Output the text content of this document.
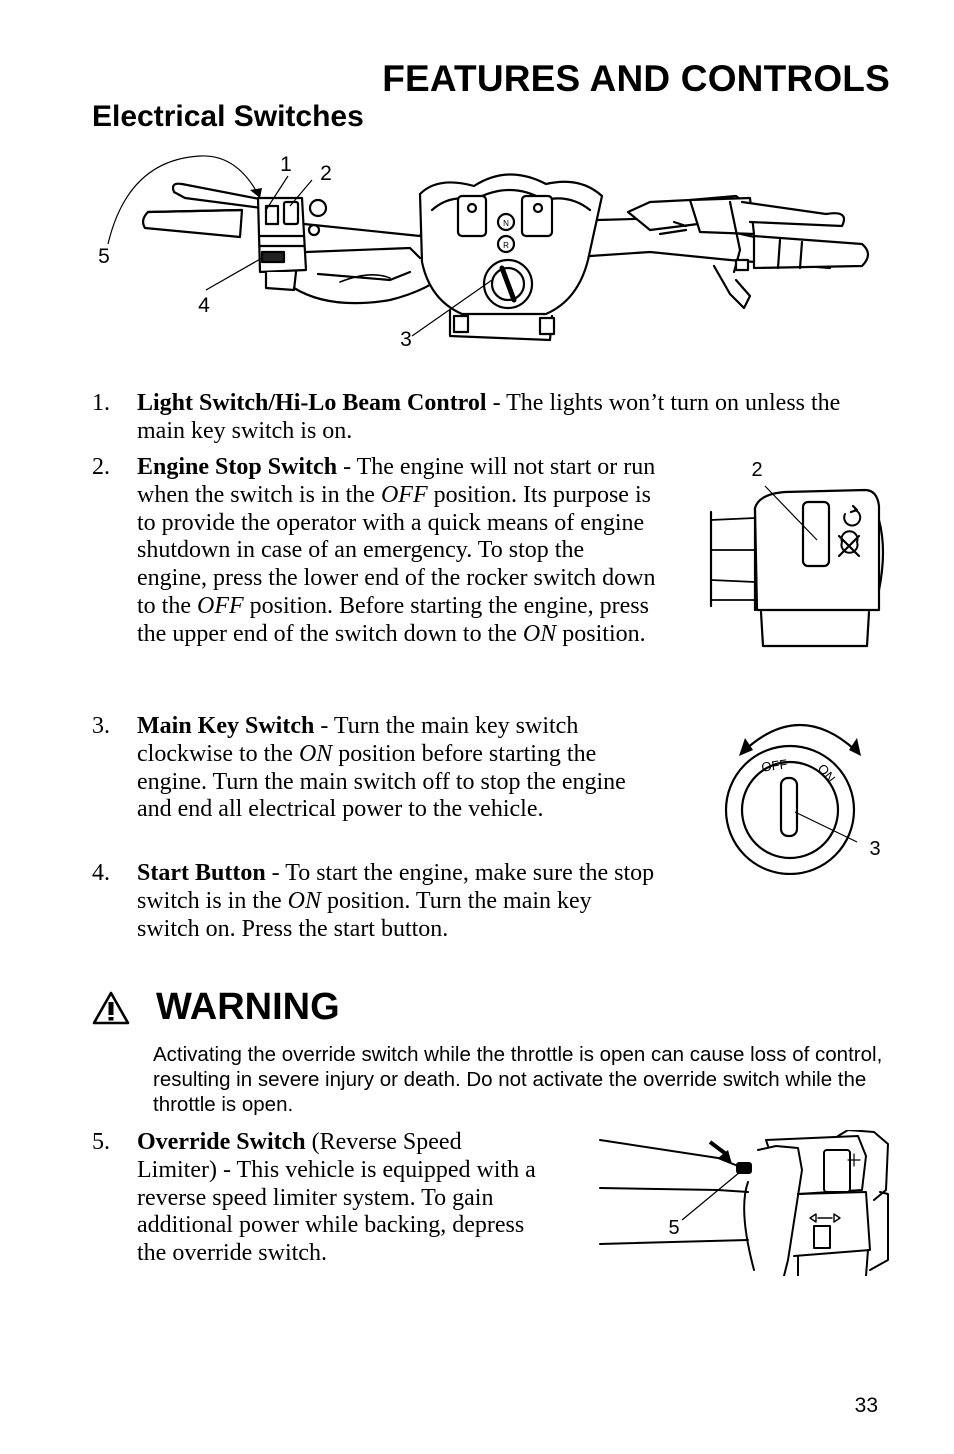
FEATURES AND CONTROLS
Electrical Switches
1 2
5
4
3
N
R
1. Light Switch/Hi-Lo Beam Control - The lights won’t turn on unless the main key switch is on.
2. Engine Stop Switch - The engine will not start or run when the switch is in the OFF position. Its purpose is to provide the operator with a quick means of engine shutdown in case of an emergency. To stop the engine, press the lower end of the rocker switch down to the OFF position. Before starting the engine, press the upper end of the switch down to the ON position.
2
3. Main Key Switch - Turn the main key switch clockwise to the ON position before starting the engine. Turn the main switch off to stop the engine and end all electrical power to the vehicle.
OFF ON
3
4. Start Button - To start the engine, make sure the stop switch is in the ON position. Turn the main key switch on. Press the start button.
WARNING
Activating the override switch while the throttle is open can cause loss of control, resulting in severe injury or death. Do not activate the override switch while the throttle is open.
5. Override Switch (Reverse Speed Limiter) - This vehicle is equipped with a reverse speed limiter system. To gain additional power while backing, depress the override switch.
5
33
